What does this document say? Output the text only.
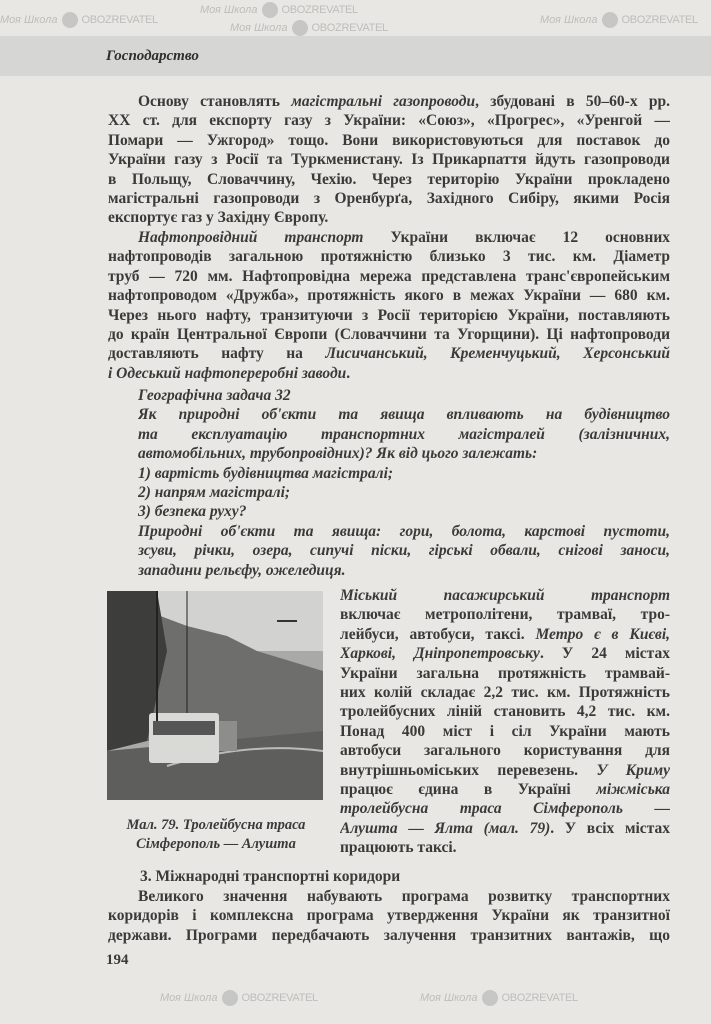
Господарство
Основу становлять магістральні газопроводи, збудовані в 50–60-х рр.
XX ст. для експорту газу з України: «Союз», «Прогрес», «Уренгой —
Помари — Ужгород» тощо. Вони використовуються для поставок до
України газу з Росії та Туркменистану. Із Прикарпаття йдуть газопроводи
в Польщу, Словаччину, Чехію. Через територію України прокладено
магістральні газопроводи з Оренбурґа, Західного Сибіру, якими Росія
експортує газ у Західну Європу.
Нафтопровідний транспорт України включає 12 основних
нафтопроводів загальною протяжністю близько 3 тис. км. Діаметр
труб — 720 мм. Нафтопровідна мережа представлена транс'європейським
нафтопроводом «Дружба», протяжність якого в межах України — 680 км.
Через нього нафту, транзитуючи з Росії територією України, поставляють
до країн Центральної Європи (Словаччини та Угорщини). Ці нафтопроводи
доставляють нафту на Лисичанський, Кременчуцький, Херсонський
і Одеський нафтопереробні заводи.
Географічна задача 32
Як природні об'єкти та явища впливають на будівництво
та експлуатацію транспортних магістралей (залізничних,
автомобільних, трубопровідних)? Як від цього залежать:
1) вартість будівництва магістралі;
2) напрям магістралі;
3) безпека руху?
Природні об'єкти та явища: гори, болота, карстові пустоти,
зсуви, річки, озера, сипучі піски, гірські обвали, снігові заноси,
западини рельєфу, ожеледиця.
Мал. 79. Тролейбусна траса
Сімферополь — Алушта
Міський пасажирський транспорт
включає метрополітени, трамваї, тро-
лейбуси, автобуси, таксі. Метро є в Києві,
Харкові, Дніпропетровську. У 24 містах
України загальна протяжність трамвай-
них колій складає 2,2 тис. км. Протяжність
тролейбусних ліній становить 4,2 тис. км.
Понад 400 міст і сіл України мають
автобуси загального користування для
внутрішньоміських перевезень. У Криму
працює єдина в Україні міжміська
тролейбусна траса Сімферополь —
Алушта — Ялта (мал. 79). У всіх містах
працюють таксі.
3. Міжнародні транспортні коридори
Великого значення набувають програма розвитку транспортних
коридорів і комплексна програма утвердження України як транзитної
держави. Програми передбачають залучення транзитних вантажів, що
194
Моя Школа OBOZREVATEL
Моя Школа OBOZREVATEL
Моя Школа OBOZREVATEL
Моя Школа OBOZREVATEL
Моя Школа OBOZREVATEL	Моя Школа OBOZREVATEL
